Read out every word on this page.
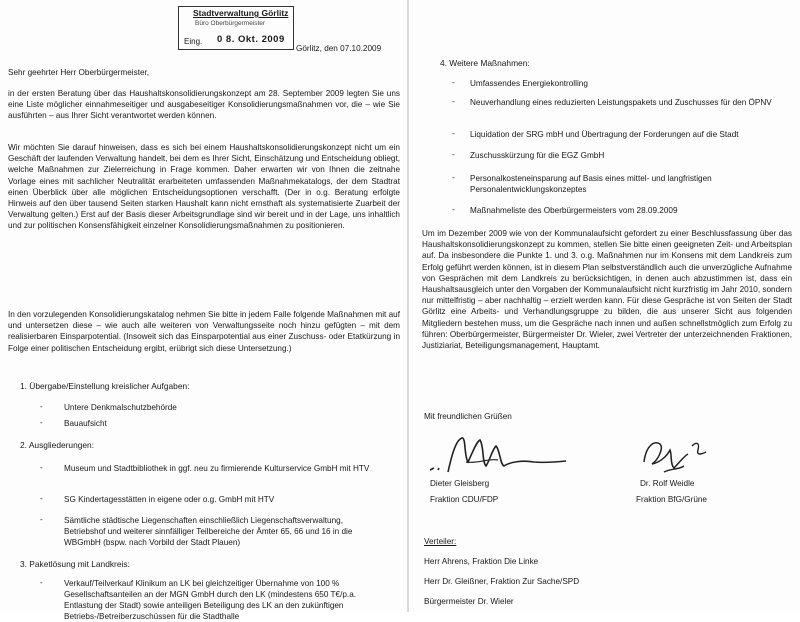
Stadtverwaltung Görlitz
Büro Oberbürgermeister
Eing. 0 8. Okt. 2009
Görlitz, den 07.10.2009
Sehr geehrter Herr Oberbürgermeister,
in der ersten Beratung über das Haushaltskonsolidierungskonzept am 28. September 2009 legten Sie uns eine Liste möglicher einnahmeseitiger und ausgabeseitiger Konsolidierungsmaßnahmen vor, die – wie Sie ausführten – aus Ihrer Sicht verantwortet werden können.
Wir möchten Sie darauf hinweisen, dass es sich bei einem Haushaltskonsolidierungskonzept nicht um ein Geschäft der laufenden Verwaltung handelt, bei dem es Ihrer Sicht, Einschätzung und Entscheidung obliegt, welche Maßnahmen zur Zielerreichung in Frage kommen. Daher erwarten wir von Ihnen die zeitnahe Vorlage eines mit sachlicher Neutralität erarbeiteten umfassenden Maßnahmekatalogs, der dem Stadtrat einen Überblick über alle möglichen Entscheidungsoptionen verschafft. (Der in o.g. Beratung erfolgte Hinweis auf den über tausend Seiten starken Haushalt kann nicht ernsthaft als systematisierte Zuarbeit der Verwaltung gelten.) Erst auf der Basis dieser Arbeitsgrundlage sind wir bereit und in der Lage, uns inhaltlich und zur politischen Konsensfähigkeit einzelner Konsolidierungsmaßnahmen zu positionieren.
In den vorzulegenden Konsolidierungskatalog nehmen Sie bitte in jedem Falle folgende Maßnahmen mit auf und untersetzen diese – wie auch alle weiteren von Verwaltungsseite noch hinzu gefügten – mit dem realisierbaren Einsparpotential. (Insoweit sich das Einsparpotential aus einer Zuschuss- oder Etatkürzung in Folge einer politischen Entscheidung ergibt, erübrigt sich diese Untersetzung.)
1. Übergabe/Einstellung kreislicher Aufgaben:
-	Untere Denkmalschutzbehörde
-	Bauaufsicht
2. Ausgliederungen:
-	Museum und Stadtbibliothek in ggf. neu zu firmierende Kulturservice GmbH mit HTV
-	SG Kindertagesstätten in eigene oder o.g. GmbH mit HTV
-	Sämtliche städtische Liegenschaften einschließlich Liegenschaftsverwaltung, Betriebshof und weiterer sinnfälliger Teilbereiche der Ämter 65, 66 und 16 in die WBGmbH (bspw. nach Vorbild der Stadt Plauen)
3. Paketlösung mit Landkreis:
-	Verkauf/Teilverkauf Klinikum an LK bei gleichzeitiger Übernahme von 100 % Gesellschaftsanteilen an der MGN GmbH durch den LK (mindestens 650 T€/p.a. Entlastung der Stadt) sowie anteiligen Beteiligung des LK an den zukünftigen Betriebs-/Betreiberzuschüssen für die Stadthalle
4. Weitere Maßnahmen:
- Umfassendes Energiekontrolling
- Neuverhandlung eines reduzierten Leistungspakets und Zuschusses für den ÖPNV
- Liquidation der SRG mbH und Übertragung der Forderungen auf die Stadt
- Zuschusskürzung für die EGZ GmbH
- Personalkosteneinsparung auf Basis eines mittel- und langfristigen Personalentwicklungskonzeptes
- Maßnahmeliste des Oberbürgermeisters vom 28.09.2009
Um im Dezember 2009 wie von der Kommunalaufsicht gefordert zu einer Beschlussfassung über das Haushaltskonsolidierungskonzept zu kommen, stellen Sie bitte einen geeigneten Zeit- und Arbeitsplan auf. Da insbesondere die Punkte 1. und 3. o.g. Maßnahmen nur im Konsens mit dem Landkreis zum Erfolg geführt werden können, ist in diesem Plan selbstverständlich auch die unverzügliche Aufnahme von Gesprächen mit dem Landkreis zu berücksichtigen, in denen auch abzustimmen ist, dass ein Haushaltsausgleich unter den Vorgaben der Kommunalaufsicht nicht kurzfristig im Jahr 2010, sondern nur mittelfristig – aber nachhaltig – erzielt werden kann. Für diese Gespräche ist von Seiten der Stadt Görlitz eine Arbeits- und Verhandlungsgruppe zu bilden, die aus unserer Sicht aus folgenden Mitgliedern bestehen muss, um die Gespräche nach innen und außen schnellstmöglich zum Erfolg zu führen: Oberbürgermeister, Bürgermeister Dr. Wieler, zwei Vertreter der unterzeichnenden Fraktionen, Justiziariat, Beteiligungsmanagement, Hauptamt.
Mit freundlichen Grüßen
Dieter Gleisberg
Fraktion CDU/FDP
Dr. Rolf Weidle
Fraktion BfG/Grüne
Verteiler:
Herr Ahrens, Fraktion Die Linke
Herr Dr. Gleißner, Fraktion Zur Sache/SPD
Bürgermeister Dr. Wieler
